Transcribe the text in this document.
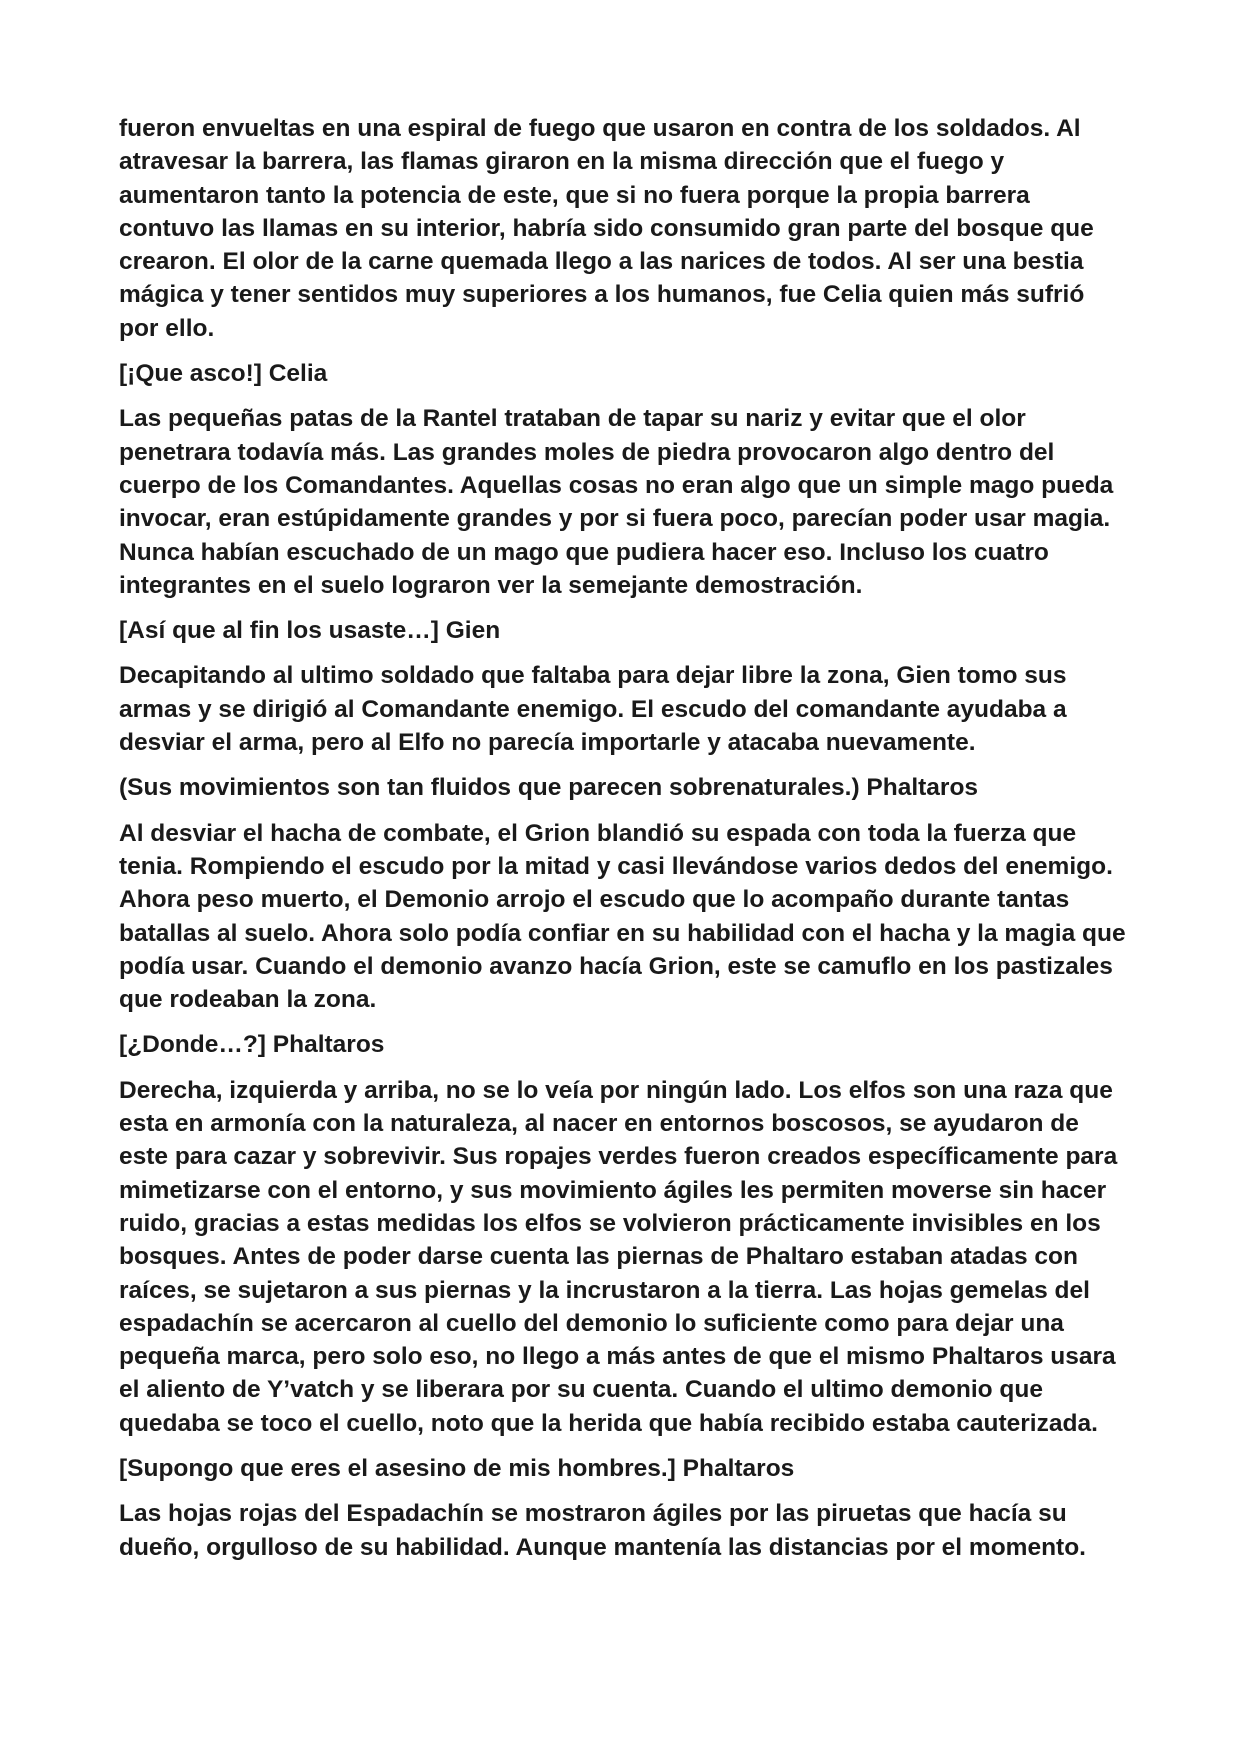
fueron envueltas en una espiral de fuego que usaron en contra de los soldados. Al atravesar la barrera, las flamas giraron en la misma dirección que el fuego y aumentaron tanto la potencia de este, que si no fuera porque la propia barrera contuvo las llamas en su interior, habría sido consumido gran parte del bosque que crearon. El olor de la carne quemada llego a las narices de todos. Al ser una bestia mágica y tener sentidos muy superiores a los humanos, fue Celia quien más sufrió por ello.

[¡Que asco!] Celia

Las pequeñas patas de la Rantel trataban de tapar su nariz y evitar que el olor penetrara todavía más. Las grandes moles de piedra provocaron algo dentro del cuerpo de los Comandantes. Aquellas cosas no eran algo que un simple mago pueda invocar, eran estúpidamente grandes y por si fuera poco, parecían poder usar magia. Nunca habían escuchado de un mago que pudiera hacer eso. Incluso los cuatro integrantes en el suelo lograron ver la semejante demostración.

[Así que al fin los usaste…] Gien

Decapitando al ultimo soldado que faltaba para dejar libre la zona, Gien tomo sus armas y se dirigió al Comandante enemigo. El escudo del comandante ayudaba a desviar el arma, pero al Elfo no parecía importarle y atacaba nuevamente.

(Sus movimientos son tan fluidos que parecen sobrenaturales.) Phaltaros

Al desviar el hacha de combate, el Grion blandió su espada con toda la fuerza que tenia. Rompiendo el escudo por la mitad y casi llevándose varios dedos del enemigo. Ahora peso muerto, el Demonio arrojo el escudo que lo acompaño durante tantas batallas al suelo. Ahora solo podía confiar en su habilidad con el hacha y la magia que podía usar. Cuando el demonio avanzo hacía Grion, este se camuflo en los pastizales que rodeaban la zona.

[¿Donde…?] Phaltaros

Derecha, izquierda y arriba, no se lo veía por ningún lado. Los elfos son una raza que esta en armonía con la naturaleza, al nacer en entornos boscosos, se ayudaron de este para cazar y sobrevivir. Sus ropajes verdes fueron creados específicamente para mimetizarse con el entorno, y sus movimiento ágiles les permiten moverse sin hacer ruido, gracias a estas medidas los elfos se volvieron prácticamente invisibles en los bosques. Antes de poder darse cuenta las piernas de Phaltaro estaban atadas con raíces, se sujetaron a sus piernas y la incrustaron a la tierra. Las hojas gemelas del espadachín se acercaron al cuello del demonio lo suficiente como para dejar una pequeña marca, pero solo eso, no llego a más antes de que el mismo Phaltaros usara el aliento de Y’vatch y se liberara por su cuenta. Cuando el ultimo demonio que quedaba se toco el cuello, noto que la herida que había recibido estaba cauterizada.

[Supongo que eres el asesino de mis hombres.] Phaltaros

Las hojas rojas del Espadachín se mostraron ágiles por las piruetas que hacía su dueño, orgulloso de su habilidad. Aunque mantenía las distancias por el momento.
